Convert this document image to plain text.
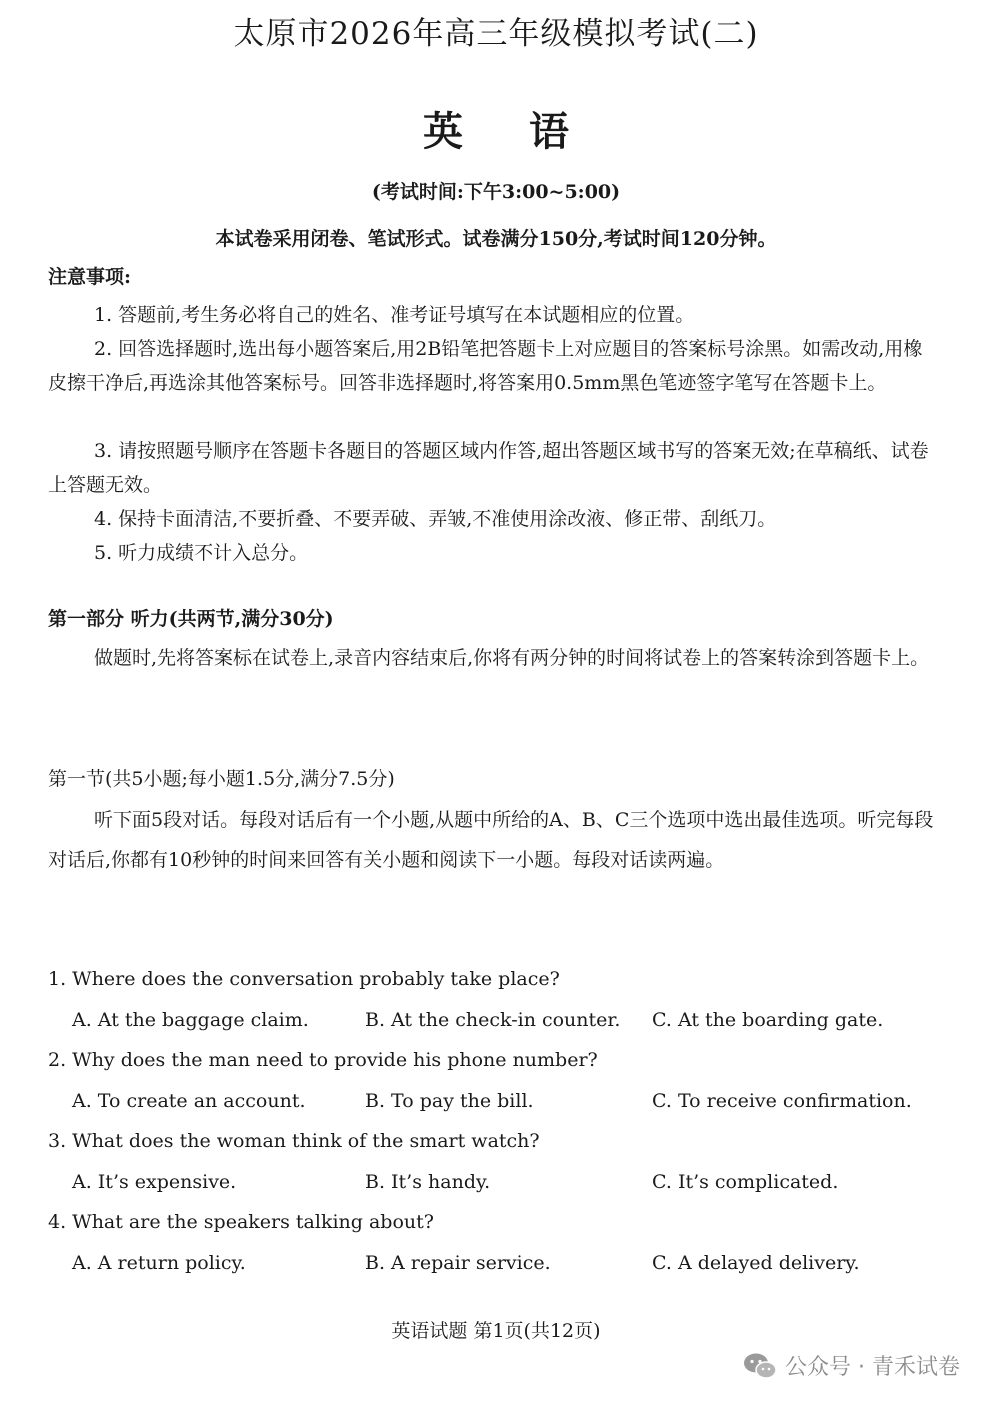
太原市2026年高三年级模拟考试(二)
英 语
(考试时间:下午3:00~5:00)
本试卷采用闭卷、笔试形式。试卷满分150分,考试时间120分钟。
注意事项:
1. 答题前,考生务必将自己的姓名、准考证号填写在本试题相应的位置。
2. 回答选择题时,选出每小题答案后,用2B铅笔把答题卡上对应题目的答案标号涂黑。如需改动,用橡皮擦干净后,再选涂其他答案标号。回答非选择题时,将答案用0.5mm黑色笔迹签字笔写在答题卡上。
3. 请按照题号顺序在答题卡各题目的答题区域内作答,超出答题区域书写的答案无效;在草稿纸、试卷上答题无效。
4. 保持卡面清洁,不要折叠、不要弄破、弄皱,不准使用涂改液、修正带、刮纸刀。
5. 听力成绩不计入总分。
第一部分 听力(共两节,满分30分)
做题时,先将答案标在试卷上,录音内容结束后,你将有两分钟的时间将试卷上的答案转涂到答题卡上。
第一节(共5小题;每小题1.5分,满分7.5分)
听下面5段对话。每段对话后有一个小题,从题中所给的A、B、C三个选项中选出最佳选项。听完每段对话后,你都有10秒钟的时间来回答有关小题和阅读下一小题。每段对话读两遍。
1. Where does the conversation probably take place?
A. At the baggage claim.	B. At the check-in counter. C. At the boarding gate.
2. Why does the man need to provide his phone number?
A. To create an account.	B. To pay the bill.	C. To receive confirmation.
3. What does the woman think of the smart watch?
A. It’s expensive.	B. It’s handy.	C. It’s complicated.
4. What are the speakers talking about?
A. A return policy.	B. A repair service.	C. A delayed delivery.
英语试题 第1页(共12页)
公众号 · 青禾试卷
